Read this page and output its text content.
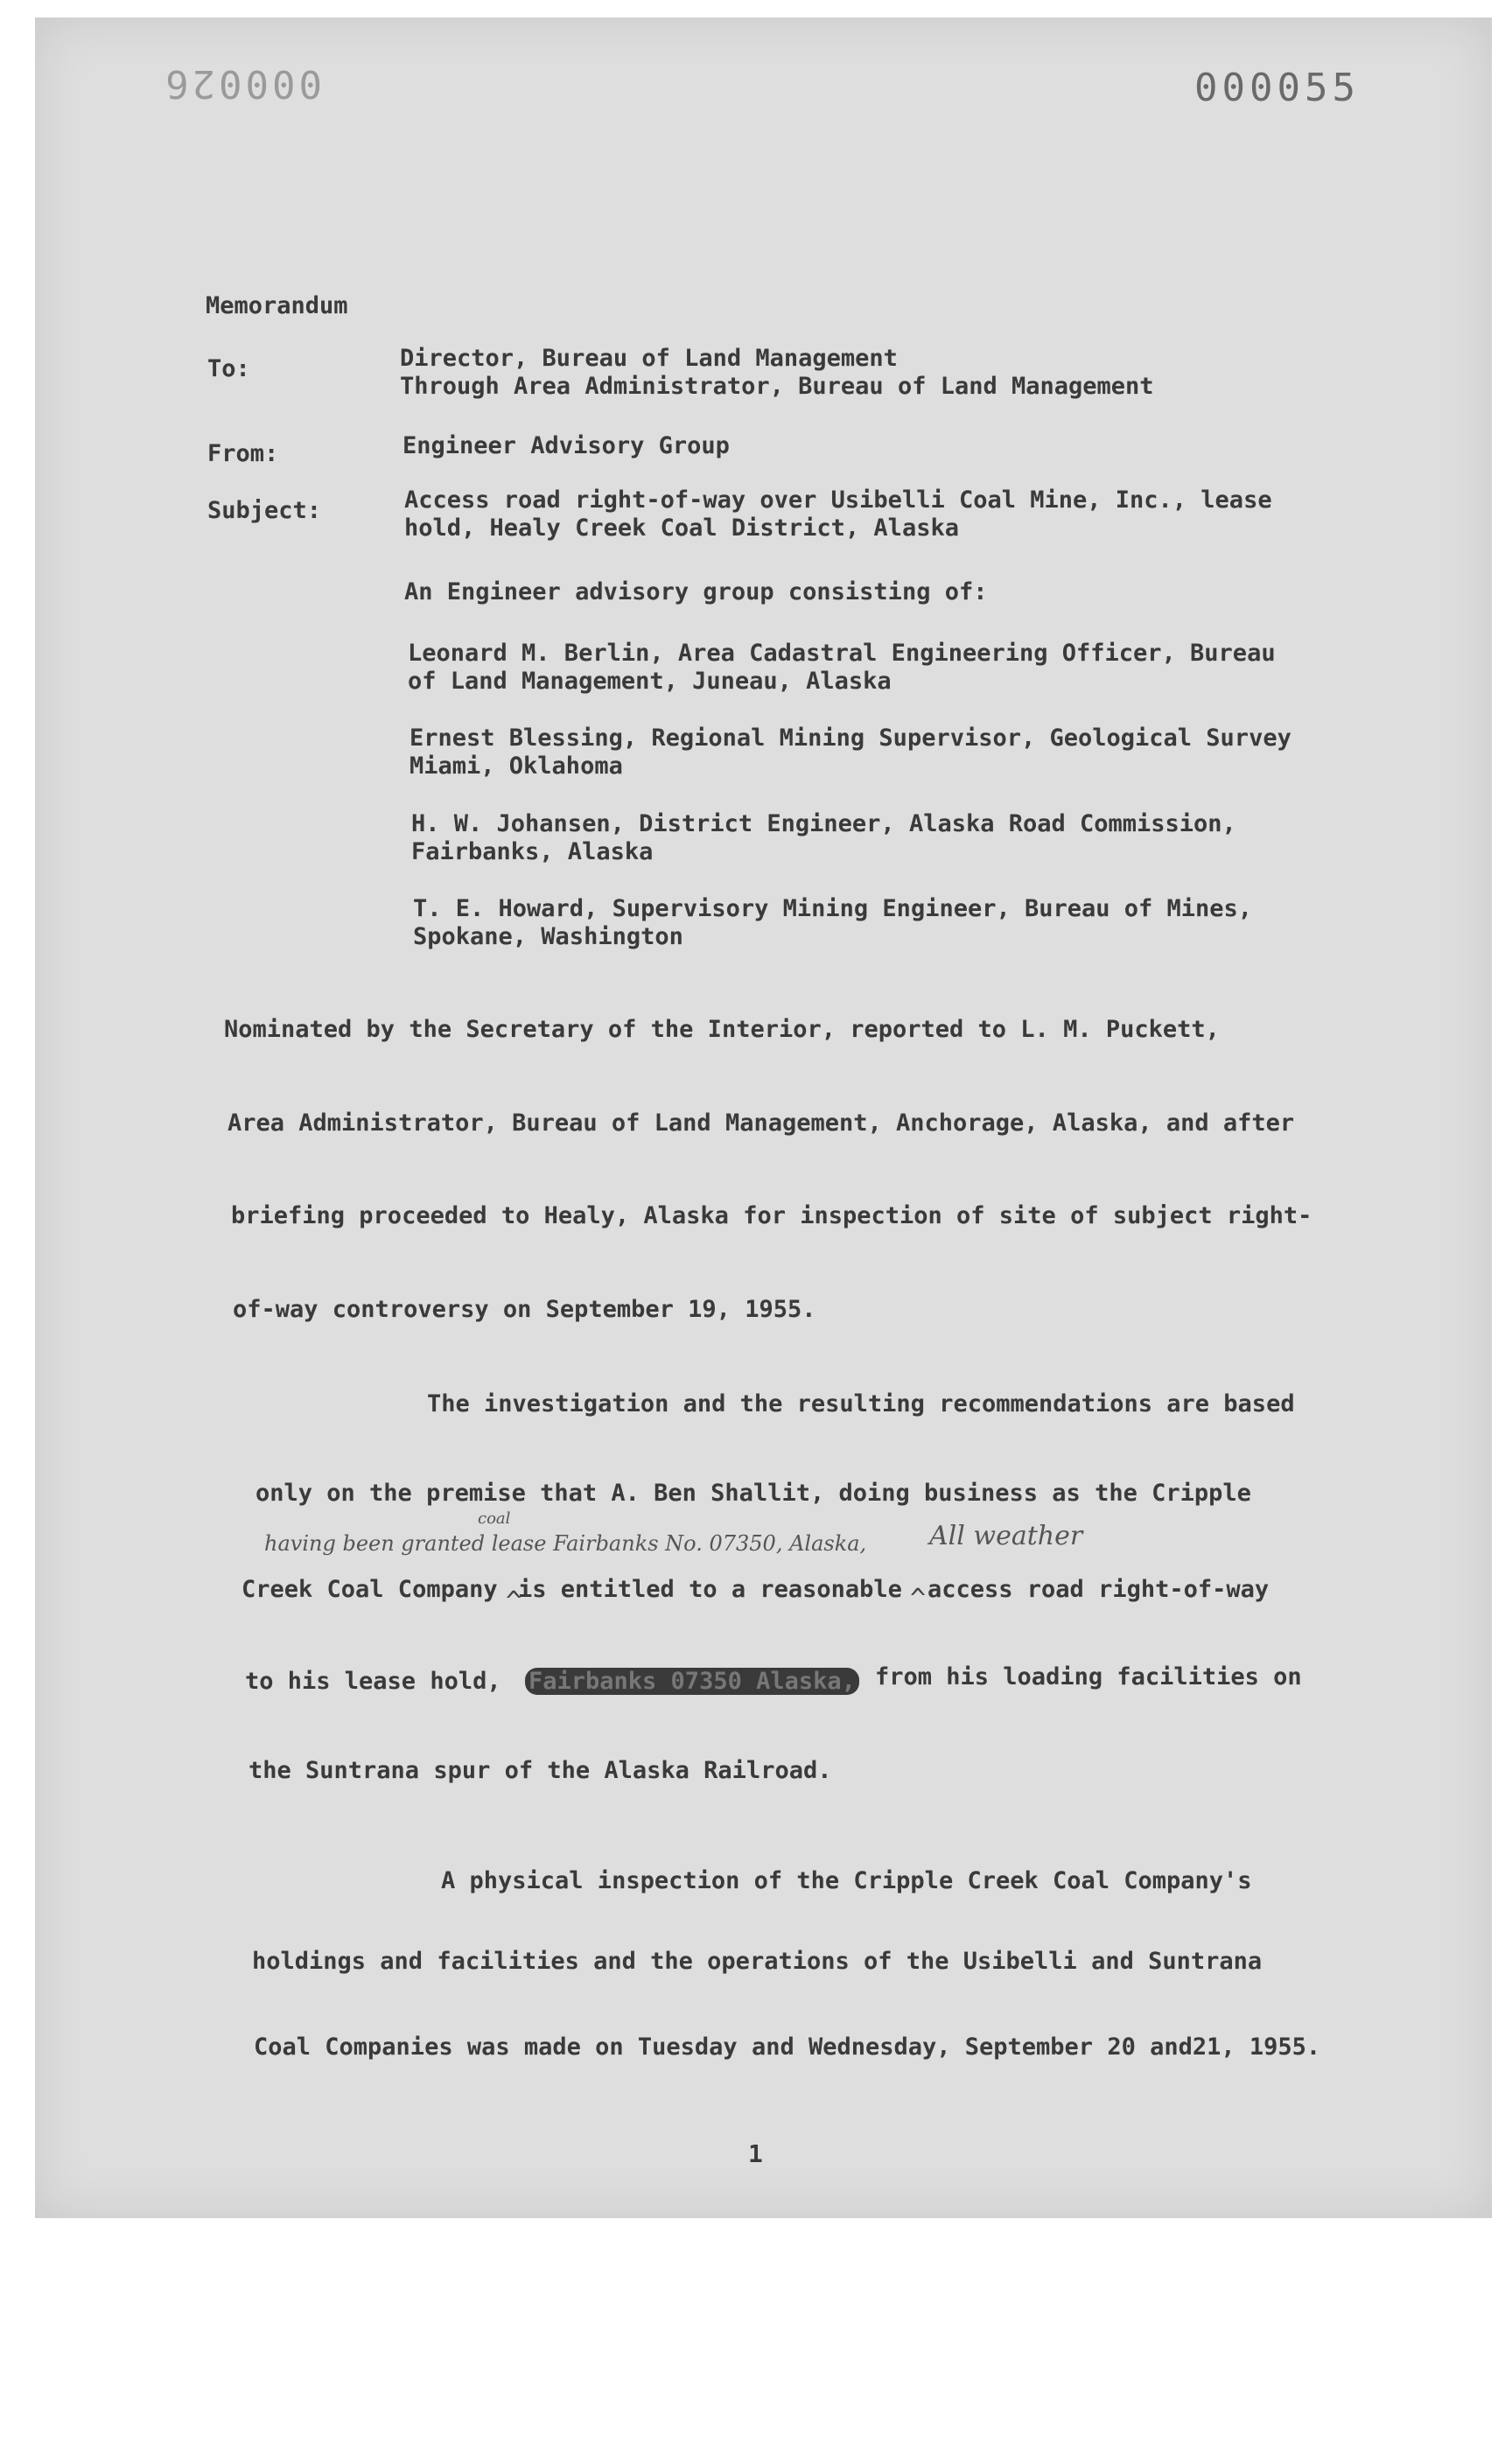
000026	000055
Memorandum
To:	Director, Bureau of Land Management
Through Area Administrator, Bureau of Land Management
From:	Engineer Advisory Group
Subject:	Access road right-of-way over Usibelli Coal Mine, Inc., lease
hold, Healy Creek Coal District, Alaska
An Engineer advisory group consisting of:
Leonard M. Berlin, Area Cadastral Engineering Officer, Bureau
of Land Management, Juneau, Alaska
Ernest Blessing, Regional Mining Supervisor, Geological Survey
Miami, Oklahoma
H. W. Johansen, District Engineer, Alaska Road Commission,
Fairbanks, Alaska
T. E. Howard, Supervisory Mining Engineer, Bureau of Mines,
Spokane, Washington
Nominated by the Secretary of the Interior, reported to L. M. Puckett,
Area Administrator, Bureau of Land Management, Anchorage, Alaska, and after
briefing proceeded to Healy, Alaska for inspection of site of subject right-
of-way controversy on September 19, 1955.
The investigation and the resulting recommendations are based
only on the premise that A. Ben Shallit, doing business as the Cripple
having been granted lease Fairbanks No. 07350, Alaska,
coal
All weather
Creek Coal Company ^
is entitled to a reasonable ^ access road right-of-way
to his lease hold, Fairbanks 07350 Alaska, from his loading facilities on
the Suntrana spur of the Alaska Railroad.
A physical inspection of the Cripple Creek Coal Company's
holdings and facilities and the operations of the Usibelli and Suntrana
Coal Companies was made on Tuesday and Wednesday, September 20 and21, 1955.
1
